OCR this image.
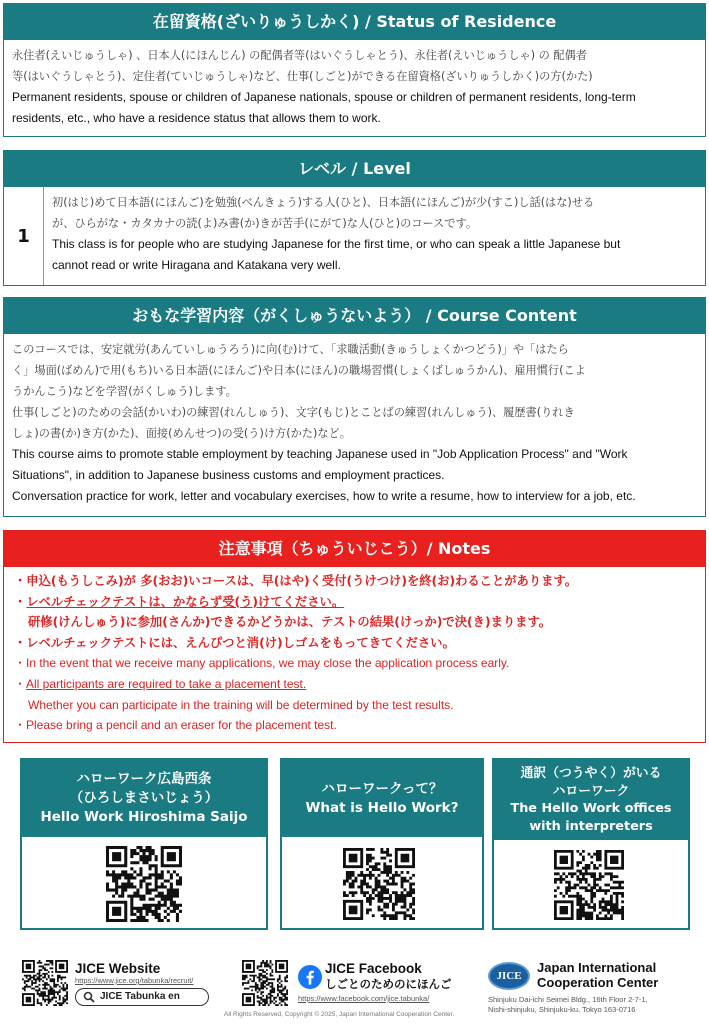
在留資格(ざいりゅうしかく) / Status of Residence
永住者(えいじゅうしゃ) 、日本人(にほんじん) の配偶者等(はいぐうしゃとう)、永住者(えいじゅうしゃ) の 配偶者
等(はいぐうしゃとう)、定住者(ていじゅうしゃ)など、仕事(しごと)ができる在留資格(ざいりゅうしかく)の方(かた)
Permanent residents, spouse or children of Japanese nationals, spouse or children of permanent residents, long-term
residents, etc., who have a residence status that allows them to work.
レベル / Level
1
初(はじ)めて日本語(にほんご)を勉強(べんきょう)する人(ひと)、日本語(にほんご)が少(すこ)し話(はな)せる
が、ひらがな・カタカナの読(よ)み書(か)きが苦手(にがて)な人(ひと)のコースです。
This class is for people who are studying Japanese for the first time, or who can speak a little Japanese but
cannot read or write Hiragana and Katakana very well.
おもな学習内容（がくしゅうないよう） / Course Content
このコースでは、安定就労(あんていしゅうろう)に向(む)けて、「求職活動(きゅうしょくかつどう)」や「はたら
く」場面(ばめん)で用(もち)いる日本語(にほんご)や日本(にほん)の職場習慣(しょくばしゅうかん)、雇用慣行(こよ
うかんこう)などを学習(がくしゅう)します。
仕事(しごと)のための会話(かいわ)の練習(れんしゅう)、文字(もじ)とことばの練習(れんしゅう)、履歴書(りれき
しょ)の書(か)き方(かた)、面接(めんせつ)の受(う)け方(かた)など。
This course aims to promote stable employment by teaching Japanese used in "Job Application Process" and "Work
Situations", in addition to Japanese business customs and employment practices.
Conversation practice for work, letter and vocabulary exercises, how to write a resume, how to interview for a job, etc.
注意事項（ちゅういじこう）/ Notes
・申込(もうしこみ)が 多(おお)いコースは、早(はや)く受付(うけつけ)を終(お)わることがあります。
・レベルチェックテストは、かならず受(う)けてください。
研修(けんしゅう)に参加(さんか)できるかどうかは、テストの結果(けっか)で決(き)まります。
・レベルチェックテストには、えんぴつと消(け)しゴムをもってきてください。
・In the event that we receive many applications, we may close the application process early.
・All participants are required to take a placement test.
Whether you can participate in the training will be determined by the test results.
・Please bring a pencil and an eraser for the placement test.
ハローワーク広島西条
（ひろしまさいじょう）
Hello Work Hiroshima Saijo
ハローワークって？
What is Hello Work?
通訳（つうやく）がいる
ハローワーク
The Hello Work offices
with interpreters
JICE Website
https://www.jice.org/tabunka/recruit/
JICE Tabunka en
JICE Facebook
しごとのためのにほんご
https://www.facebook.com/jice.tabunka/
JICE
Japan International
Cooperation Center
Shinjuku Dai-ichi Seimei Bldg., 16th Floor 2-7-1,
Nishi-shinjuku, Shinjuku-ku, Tokyo 163-0716
All Rights Reserved, Copyright © 2025, Japan International Cooperation Center.
